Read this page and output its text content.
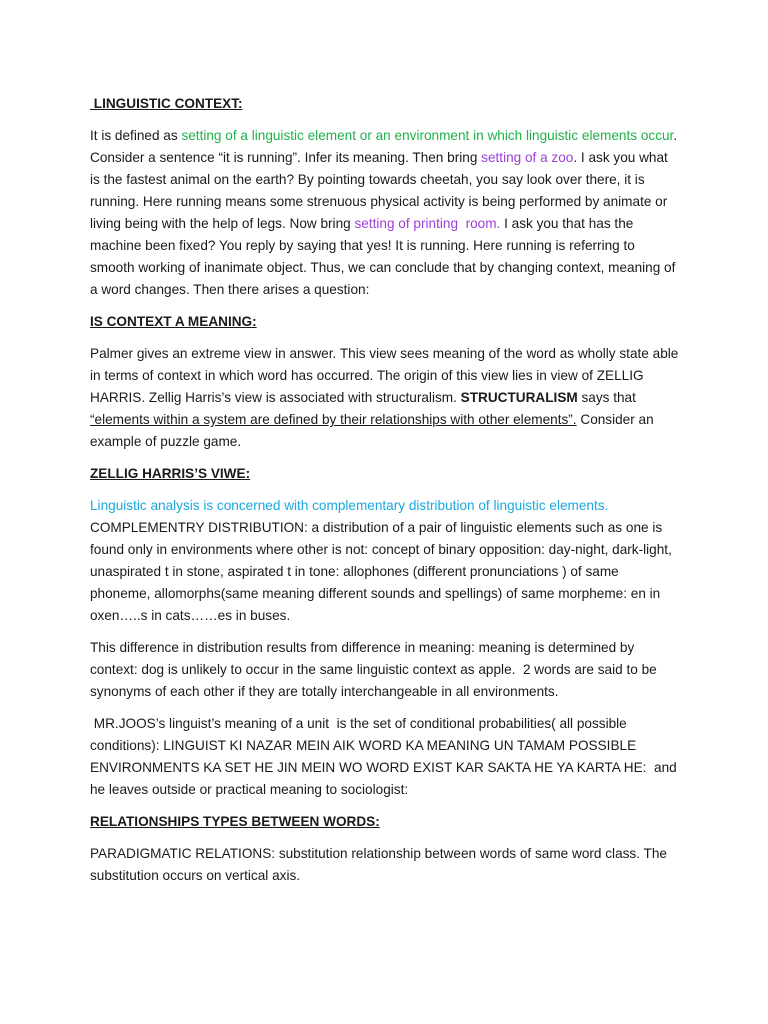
LINGUISTIC CONTEXT:

It is defined as setting of a linguistic element or an environment in which linguistic elements occur. Consider a sentence “it is running”. Infer its meaning. Then bring setting of a zoo. I ask you what is the fastest animal on the earth? By pointing towards cheetah, you say look over there, it is running. Here running means some strenuous physical activity is being performed by animate or living being with the help of legs. Now bring setting of printing  room. I ask you that has the machine been fixed? You reply by saying that yes! It is running. Here running is referring to smooth working of inanimate object. Thus, we can conclude that by changing context, meaning of a word changes. Then there arises a question:

IS CONTEXT A MEANING:

Palmer gives an extreme view in answer. This view sees meaning of the word as wholly state able in terms of context in which word has occurred. The origin of this view lies in view of ZELLIG HARRIS. Zellig Harris’s view is associated with structuralism. STRUCTURALISM says that “elements within a system are defined by their relationships with other elements”. Consider an example of puzzle game.

ZELLIG HARRIS’S VIWE:

Linguistic analysis is concerned with complementary distribution of linguistic elements.
COMPLEMENTRY DISTRIBUTION: a distribution of a pair of linguistic elements such as one is found only in environments where other is not: concept of binary opposition: day-night, dark-light,  unaspirated t in stone, aspirated t in tone: allophones (different pronunciations ) of same phoneme, allomorphs(same meaning different sounds and spellings) of same morpheme: en in oxen…..s in cats……es in buses.

This difference in distribution results from difference in meaning: meaning is determined by context: dog is unlikely to occur in the same linguistic context as apple.  2 words are said to be synonyms of each other if they are totally interchangeable in all environments.

MR.JOOS’s linguist’s meaning of a unit  is the set of conditional probabilities( all possible conditions): LINGUIST KI NAZAR MEIN AIK WORD KA MEANING UN TAMAM POSSIBLE ENVIRONMENTS KA SET HE JIN MEIN WO WORD EXIST KAR SAKTA HE YA KARTA HE:  and he leaves outside or practical meaning to sociologist:

RELATIONSHIPS TYPES BETWEEN WORDS:

PARADIGMATIC RELATIONS: substitution relationship between words of same word class. The substitution occurs on vertical axis.
